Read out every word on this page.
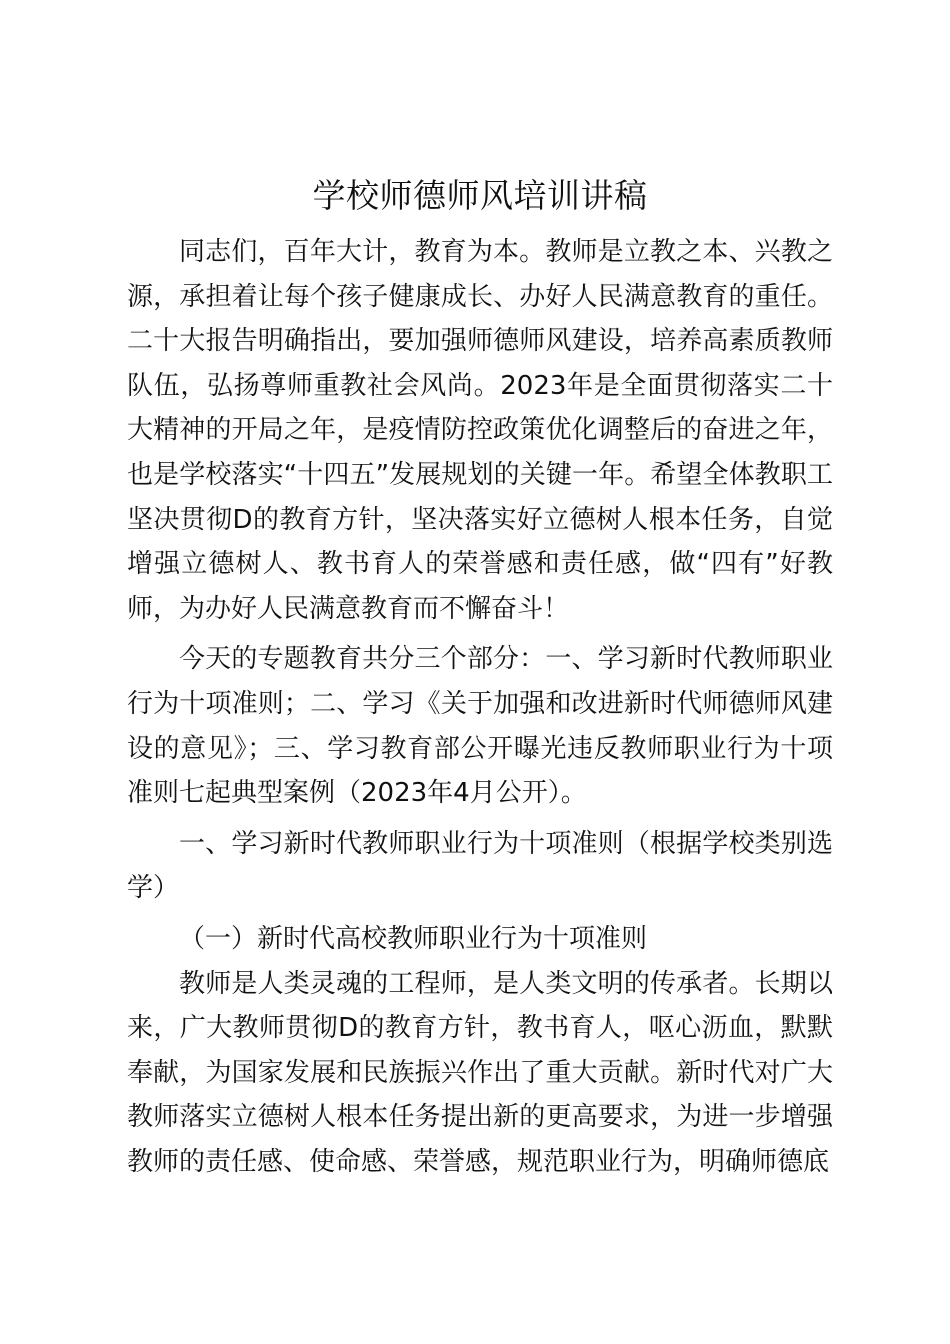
学校师德师风培训讲稿

同志们，百年大计，教育为本。教师是立教之本、兴教之源，承担着让每个孩子健康成长、办好人民满意教育的重任。二十大报告明确指出，要加强师德师风建设，培养高素质教师队伍，弘扬尊师重教社会风尚。2023年是全面贯彻落实二十大精神的开局之年，是疫情防控政策优化调整后的奋进之年，也是学校落实“十四五”发展规划的关键一年。希望全体教职工坚决贯彻D的教育方针，坚决落实好立德树人根本任务，自觉增强立德树人、教书育人的荣誉感和责任感，做“四有”好教师，为办好人民满意教育而不懈奋斗！

今天的专题教育共分三个部分：一、学习新时代教师职业行为十项准则；二、学习《关于加强和改进新时代师德师风建设的意见》；三、学习教育部公开曝光违反教师职业行为十项准则七起典型案例（2023年4月公开）。

一、学习新时代教师职业行为十项准则（根据学校类别选学）

（一）新时代高校教师职业行为十项准则

教师是人类灵魂的工程师，是人类文明的传承者。长期以来，广大教师贯彻D的教育方针，教书育人，呕心沥血，默默奉献，为国家发展和民族振兴作出了重大贡献。新时代对广大教师落实立德树人根本任务提出新的更高要求，为进一步增强教师的责任感、使命感、荣誉感，规范职业行为，明确师德底
